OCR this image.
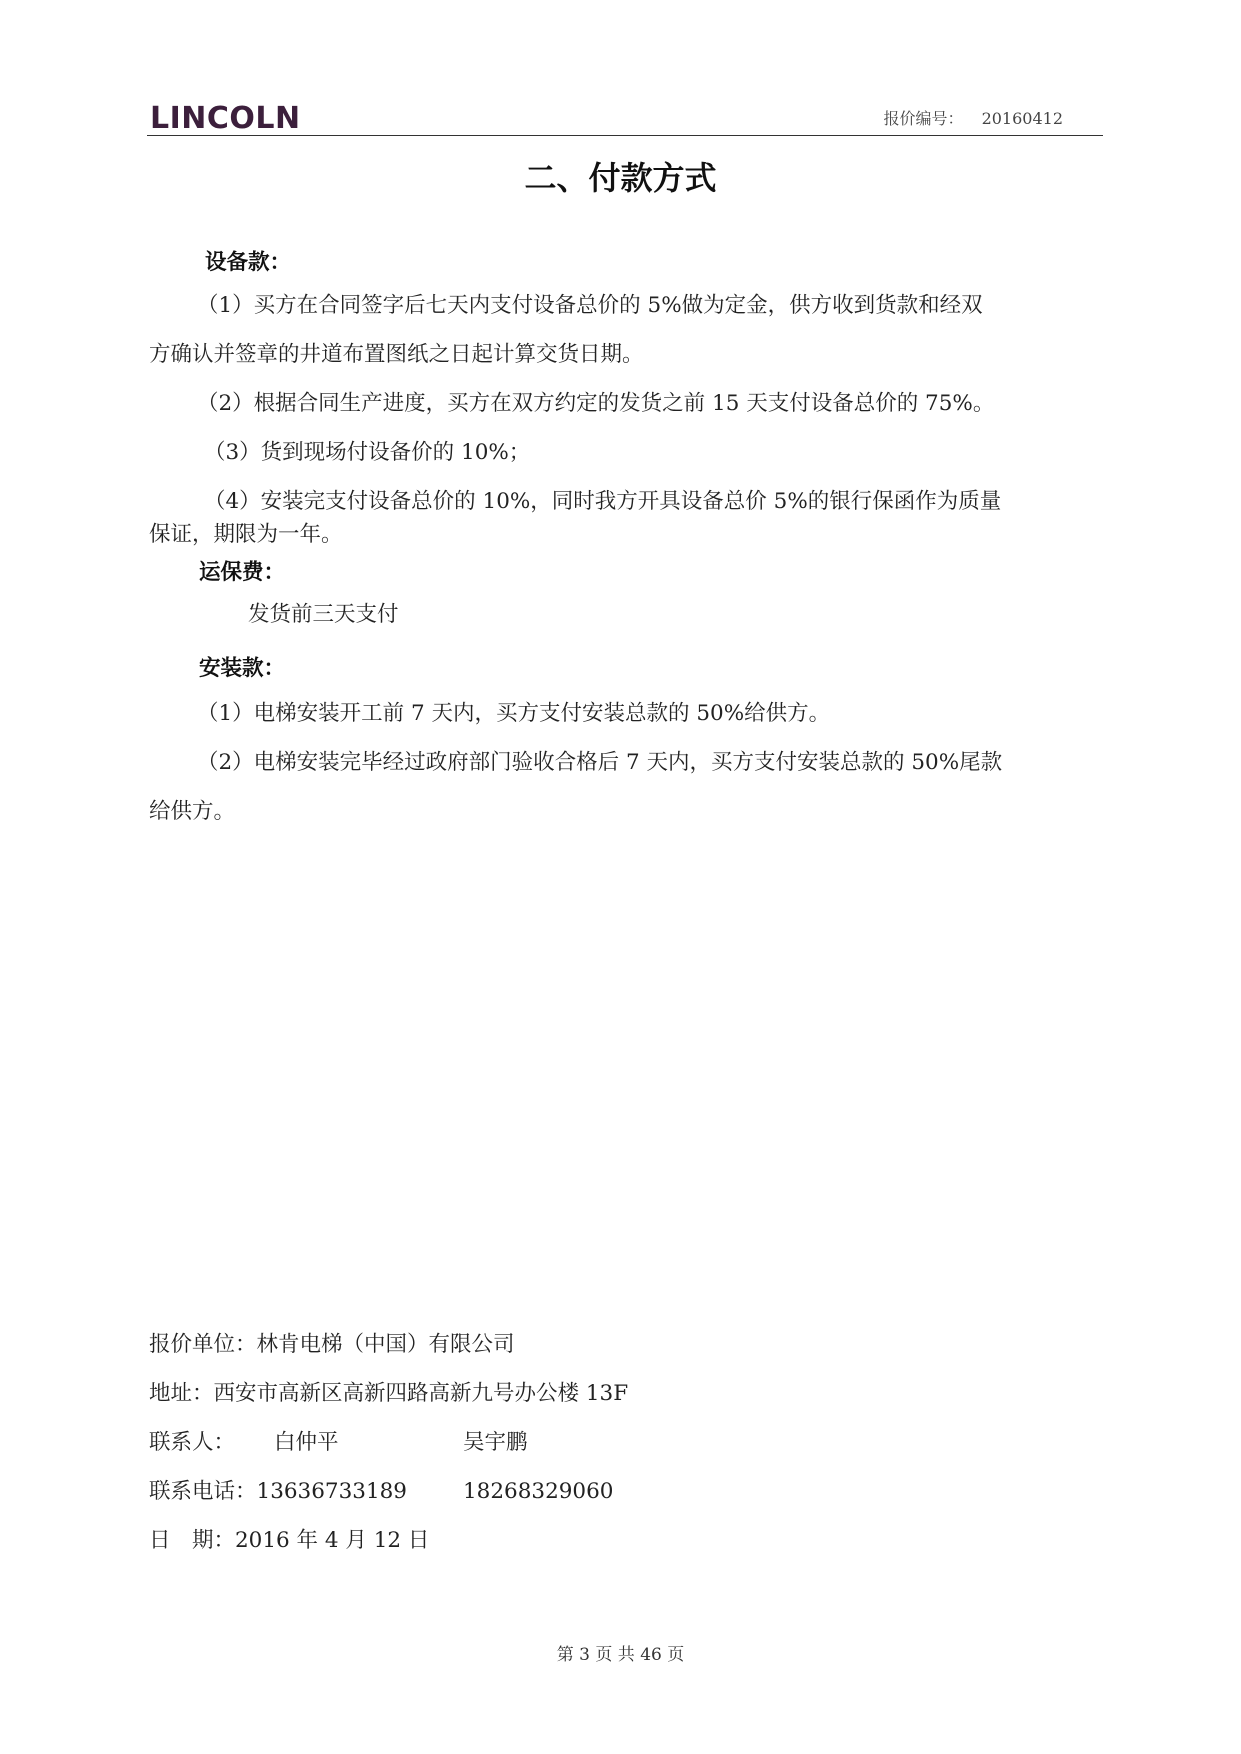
LINCOLN	报价编号： 20160412
二、付款方式
设备款：
（1）买方在合同签字后七天内支付设备总价的 5%做为定金，供方收到货款和经双
方确认并签章的井道布置图纸之日起计算交货日期。
（2）根据合同生产进度，买方在双方约定的发货之前 15 天支付设备总价的 75%。
（3）货到现场付设备价的 10%；
（4）安装完支付设备总价的 10%，同时我方开具设备总价 5%的银行保函作为质量
保证，期限为一年。
运保费：
发货前三天支付
安装款：
（1）电梯安装开工前 7 天内，买方支付安装总款的 50%给供方。
（2）电梯安装完毕经过政府部门验收合格后 7 天内，买方支付安装总款的 50%尾款
给供方。
报价单位：林肯电梯（中国）有限公司
地址：西安市高新区高新四路高新九号办公楼 13F
联系人： 白仲平	吴宇鹏
联系电话：13636733189	18268329060
日　期：2016 年 4 月 12 日
第 3 页 共 46 页
